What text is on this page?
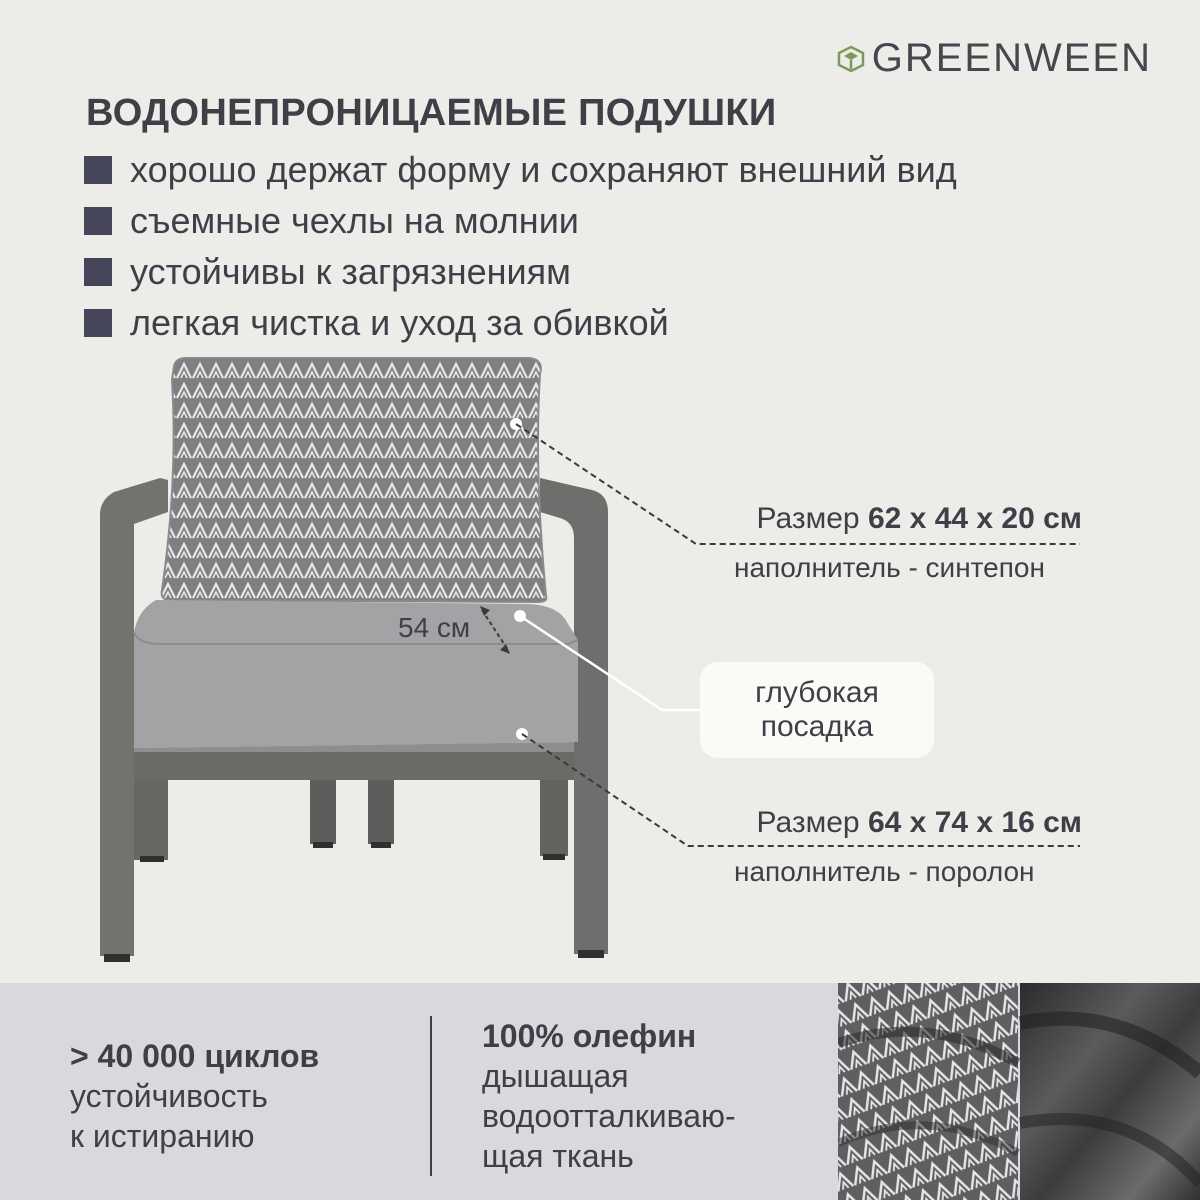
GREENWEEN
ВОДОНЕПРОНИЦАЕМЫЕ ПОДУШКИ
хорошо держат форму и сохраняют внешний вид
съемные чехлы на молнии
устойчивы к загрязнениям
легкая чистка и уход за обивкой
54 см
Размер 62 х 44 х 20 см
наполнитель - синтепон
глубокая
посадка
Размер 64 х 74 х 16 см
наполнитель - поролон
> 40 000 циклов
устойчивость
к истиранию
100% олефин
дышащая
водоотталкиваю-
щая ткань
